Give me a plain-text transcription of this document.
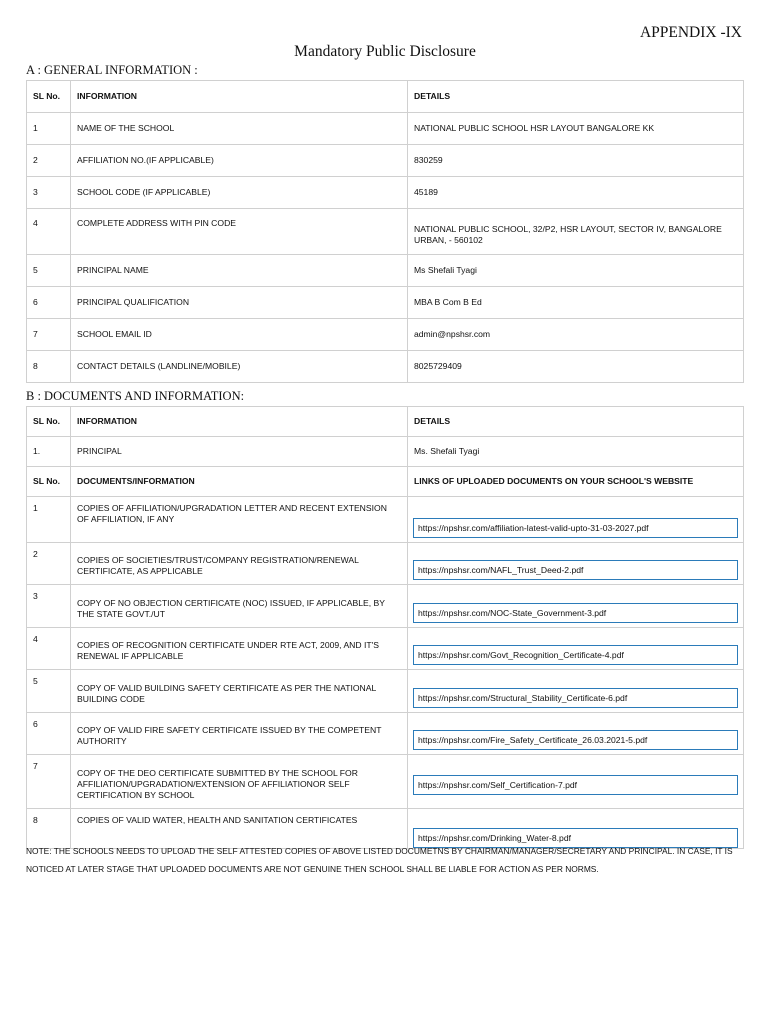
APPENDIX -IX
Mandatory Public Disclosure
A : GENERAL INFORMATION :
SL No.	INFORMATION	DETAILS
1	NAME OF THE SCHOOL	NATIONAL PUBLIC SCHOOL HSR LAYOUT BANGALORE KK
2	AFFILIATION NO.(IF APPLICABLE)	830259
3	SCHOOL CODE (IF APPLICABLE)	45189
4	COMPLETE ADDRESS WITH PIN CODE	NATIONAL PUBLIC SCHOOL, 32/P2, HSR LAYOUT, SECTOR IV, BANGALORE URBAN, - 560102
5	PRINCIPAL NAME	Ms Shefali Tyagi
6	PRINCIPAL QUALIFICATION	MBA B Com B Ed
7	SCHOOL EMAIL ID	admin@npshsr.com
8	CONTACT DETAILS (LANDLINE/MOBILE)	8025729409
B : DOCUMENTS AND INFORMATION:
SL No.	INFORMATION	DETAILS
1.	PRINCIPAL	Ms. Shefali Tyagi
SL No.	DOCUMENTS/INFORMATION	LINKS OF UPLOADED DOCUMENTS ON YOUR SCHOOL'S WEBSITE
1	COPIES OF AFFILIATION/UPGRADATION LETTER AND RECENT EXTENSION
OF AFFILIATION, IF ANY	https://npshsr.com/affiliation-latest-valid-upto-31-03-2027.pdf

2	COPIES OF SOCIETIES/TRUST/COMPANY REGISTRATION/RENEWAL CERTIFICATE, AS APPLICABLE	https://npshsr.com/NAFL_Trust_Deed-2.pdf

3	COPY OF NO OBJECTION CERTIFICATE (NOC) ISSUED, IF APPLICABLE, BY THE STATE GOVT./UT	https://npshsr.com/NOC-State_Government-3.pdf

4	COPIES OF RECOGNITION CERTIFICATE UNDER RTE ACT, 2009, AND IT'S RENEWAL IF APPLICABLE	https://npshsr.com/Govt_Recognition_Certificate-4.pdf

5	COPY OF VALID BUILDING SAFETY CERTIFICATE AS PER THE NATIONAL BUILDING CODE	https://npshsr.com/Structural_Stability_Certificate-6.pdf

6	COPY OF VALID FIRE SAFETY CERTIFICATE ISSUED BY THE COMPETENT AUTHORITY	https://npshsr.com/Fire_Safety_Certificate_26.03.2021-5.pdf

7	COPY OF THE DEO CERTIFICATE SUBMITTED BY THE SCHOOL FOR AFFILIATION/UPGRADATION/EXTENSION OF AFFILIATIONOR SELF CERTIFICATION BY SCHOOL	https://npshsr.com/Self_Certification-7.pdf

8	COPIES OF VALID WATER, HEALTH AND SANITATION CERTIFICATES	https://npshsr.com/Drinking_Water-8.pdf
NOTE: THE SCHOOLS NEEDS TO UPLOAD THE SELF ATTESTED COPIES OF ABOVE LISTED DOCUMETNS BY CHAIRMAN/MANAGER/SECRETARY AND PRINCIPAL. IN CASE, IT IS NOTICED AT LATER STAGE THAT UPLOADED DOCUMENTS ARE NOT GENUINE THEN SCHOOL SHALL BE LIABLE FOR ACTION AS PER NORMS.
